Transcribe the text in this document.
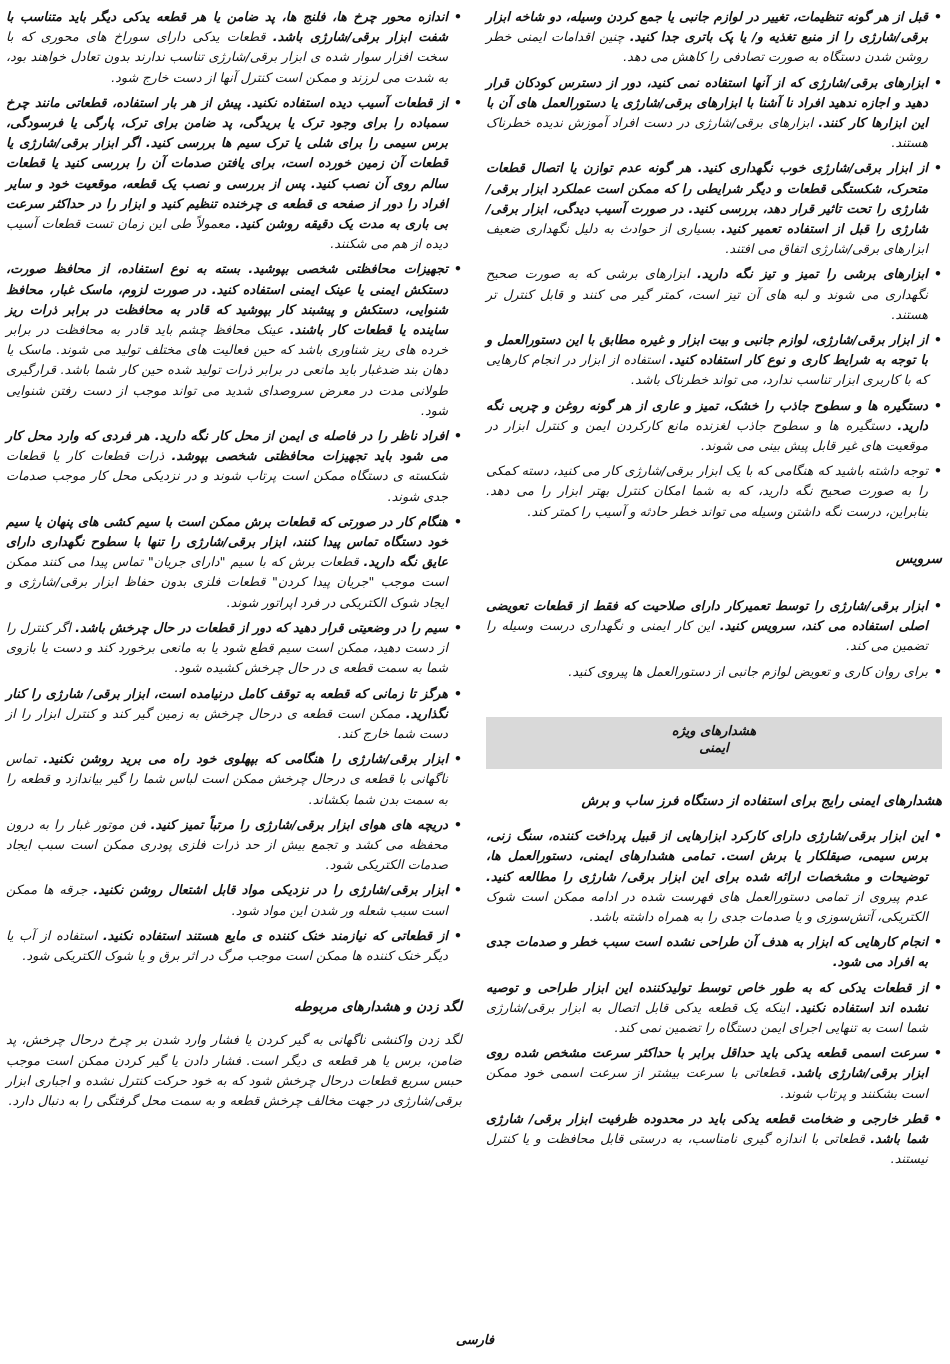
• قبل از هر گونه تنظیمات، تغییر در لوازم جانبی یا جمع کردن وسیله، دو شاخه ابزار برقی/شارژی را از منبع تغذیه و/ یا پک باتری جدا کنید. چنین اقدامات ایمنی خطر روشن شدن دستگاه به صورت تصادفی را کاهش می دهد.
• ابزارهای برقی/شارژی که از آنها استفاده نمی کنید، دور از دسترس کودکان قرار دهید و اجازه ندهید افراد نا آشنا با ابزارهای برقی/شارژی یا دستورالعمل های آن با این ابزارها کار کنند. ابزارهای برقی/شارژی در دست افراد آموزش ندیده خطرناک هستند.
• از ابزار برقی/شارژی خوب نگهداری کنید. هر گونه عدم توازن یا اتصال قطعات متحرک، شکستگی قطعات و دیگر شرایطی را که ممکن است عملکرد ابزار برقی/شارژی را تحت تاثیر قرار دهد، بررسی کنید. در صورت آسیب دیدگی، ابزار برقی/شارژی را قبل از استفاده تعمیر کنید. بسیاری از حوادث به دلیل نگهداری ضعیف ابزارهای برقی/شارژی اتفاق می افتند.
• ابزارهای برشی را تمیز و تیز نگه دارید. ابزارهای برشی که به صورت صحیح نگهداری می شوند و لبه های آن تیز است، کمتر گیر می کنند و قابل کنترل تر هستند.
• از ابزار برقی/شارژی، لوازم جانبی و بیت ابزار و غیره مطابق با این دستورالعمل و با توجه به شرایط کاری و نوع کار استفاده کنید. استفاده از ابزار در انجام کارهایی که با کاربری ابزار تناسب ندارد، می تواند خطرناک باشد.
• دستگیره ها و سطوح جاذب را خشک، تمیز و عاری از هر گونه روغن و چربی نگه دارید. دستگیره ها و سطوح جاذب لغزنده مانع کارکردن ایمن و کنترل ابزار در موقعیت های غیر قابل پیش بینی می شوند.
• توجه داشته باشید که هنگامی که با یک ابزار برقی/شارژی کار می کنید، دسته کمکی را به صورت صحیح نگه دارید، که به شما امکان کنترل بهتر ابزار را می دهد. بنابراین، درست نگه داشتن وسیله می تواند خطر حادثه و آسیب را کمتر کند.

سرویس

• ابزار برقی/شارژی را توسط تعمیرکار دارای صلاحیت که فقط از قطعات تعویضی اصلی استفاده می کند، سرویس کنید. این کار ایمنی و نگهداری درست وسیله را تضمین می کند.
• برای روان کاری و تعویض لوازم جانبی از دستورالعمل ها پیروی کنید.
هشدارهای ویژه
ایمنی

هشدارهای ایمنی رایج برای استفاده از دستگاه فرز ساب و برش

• این ابزار برقی/شارژی دارای کارکرد ابزارهایی از قبیل پرداخت کننده، سنگ زنی، برس سیمی، صیقلکار یا برش است. تمامی هشدارهای ایمنی، دستورالعمل ها، توضیحات و مشخصات ارائه شده برای این ابزار برقی/ شارژی را مطالعه کنید. عدم پیروی از تمامی دستورالعمل های فهرست شده در ادامه ممکن است شوک الکتریکی، آتش‌سوزی و یا صدمات جدی را به همراه داشته باشد.
• انجام کارهایی که ابزار به هدف آن طراحی نشده است سبب خطر و صدمات جدی به افراد می شود.
• از قطعات یدکی که به طور خاص توسط تولیدکننده این ابزار طراحی و توصیه نشده اند استفاده نکنید. اینکه یک قطعه یدکی قابل اتصال به ابزار برقی/شارژی شما است به تنهایی اجرای ایمن دستگاه را تضمین نمی کند.
• سرعت اسمی قطعه یدکی باید حداقل برابر با حداکثر سرعت مشخص شده روی ابزار برقی/شارژی باشد. قطعاتی با سرعت بیشتر از سرعت اسمی خود ممکن است بشکنند و پرتاب شوند.
• قطر خارجی و ضخامت قطعه یدکی باید در محدوده ظرفیت ابزار برقی/ شارژی شما باشد. قطعاتی با اندازه گیری نامناسب، به درستی قابل محافظت و یا کنترل نیستند.
• اندازه محور چرخ ها، فلنج ها، پد ضامن یا هر قطعه یدکی دیگر باید متناسب با شفت ابزار برقی/شارژی باشد. قطعات یدکی دارای سوراخ های محوری که با سخت افزار سوار شده ی ابزار برقی/شارژی تناسب ندارند بدون تعادل خواهند بود، به شدت می لرزند و ممکن است کنترل آنها از دست خارج شود.
• از قطعات آسیب دیده استفاده نکنید. پیش از هر بار استفاده، قطعاتی مانند چرخ سمباده را برای وجود ترک یا بریدگی، پد ضامن برای ترک، پارگی یا فرسودگی، برس سیمی را برای شلی یا ترک سیم ها بررسی کنید. اگر ابزار برقی/شارژی یا قطعات آن زمین خورده است، برای یافتن صدمات آن را بررسی کنید یا قطعات سالم روی آن نصب کنید. پس از بررسی و نصب یک قطعه، موقعیت خود و سایر افراد را دور از صفحه ی قطعه ی چرخنده تنظیم کنید و ابزار را در حداکثر سرعت بی باری به مدت یک دقیقه روشن کنید. معمولاً طی این زمان تست قطعات آسیب دیده از هم می شکنند.
• تجهیزات محافظتی شخصی بپوشید. بسته به نوع استفاده، از محافظ صورت، دستکش ایمنی یا عینک ایمنی استفاده کنید. در صورت لزوم، ماسک غبار، محافظ شنوایی، دستکش و پیشبند کار بپوشید که قادر به محافظت در برابر ذرات ریز ساینده یا قطعات کار باشند. عینک محافظ چشم باید قادر به محافظت در برابر خرده های ریز شناوری باشد که حین فعالیت های مختلف تولید می شوند. ماسک یا دهان بند ضدغبار باید مانعی در برابر ذرات تولید شده حین کار شما باشد. قرارگیری طولانی مدت در معرض سروصدای شدید می تواند موجب از دست رفتن شنوایی شود.
• افراد ناظر را در فاصله ی ایمن از محل کار نگه دارید. هر فردی که وارد محل کار می شود باید تجهیزات محافظتی شخصی بپوشد. ذرات قطعات کار یا قطعات شکسته ی دستگاه ممکن است پرتاب شوند و در نزدیکی محل کار موجب صدمات جدی شوند.
• هنگام کار در صورتی که قطعات برش ممکن است با سیم کشی های پنهان یا سیم خود دستگاه تماس پیدا کنند، ابزار برقی/شارژی را تنها با سطوح نگهداری دارای عایق نگه دارید. قطعات برش که با سیم "دارای جریان" تماس پیدا می کنند ممکن است موجب "جریان پیدا کردن" قطعات فلزی بدون حفاظ ابزار برقی/شارژی و ایجاد شوک الکتریکی در فرد اپراتور شوند.
• سیم را در وضعیتی قرار دهید که دور از قطعات در حال چرخش باشد. اگر کنترل را از دست دهید، ممکن است سیم قطع شود یا به مانعی برخورد کند و دست یا بازوی شما به سمت قطعه ی در حال چرخش کشیده شود.
• هرگز تا زمانی که قطعه به توقف کامل درنیامده است، ابزار برقی/ شارژی را کنار نگذارید. ممکن است قطعه ی درحال چرخش به زمین گیر کند و کنترل ابزار را از دست شما خارج کند.
• ابزار برقی/شارژی را هنگامی که بپهلوی خود راه می برید روشن نکنید. تماس ناگهانی با قطعه ی درحال چرخش ممکن است لباس شما را گیر بیاندازد و قطعه را به سمت بدن شما بکشاند.
• دریچه های هوای ابزار برقی/شارژی را مرتباً تمیز کنید. فن موتور غبار را به درون محفظه می کشد و تجمع بیش از حد ذرات فلزی پودری ممکن است سبب ایجاد صدمات الکتریکی شود.
• ابزار برقی/شارژی را در نزدیکی مواد قابل اشتعال روشن نکنید. جرقه ها ممکن است سبب شعله ور شدن این مواد شود.
• از قطعاتی که نیازمند خنک کننده ی مایع هستند استفاده نکنید. استفاده از آب یا دیگر خنک کننده ها ممکن است موجب مرگ در اثر برق و یا شوک الکتریکی شود.

لگد زدن و هشدارهای مربوطه

لگد زدن واکنشی ناگهانی به گیر کردن یا فشار وارد شدن بر چرخ درحال چرخش، پد ضامن، برس یا هر قطعه ی دیگر است. فشار دادن یا گیر کردن ممکن است موجب حبس سریع قطعات درحال چرخش شود که به خود حرکت کنترل نشده و اجباری ابزار برقی/شارژی در جهت مخالف چرخش قطعه و به سمت محل گرفتگی را به دنبال دارد.

فارسی
